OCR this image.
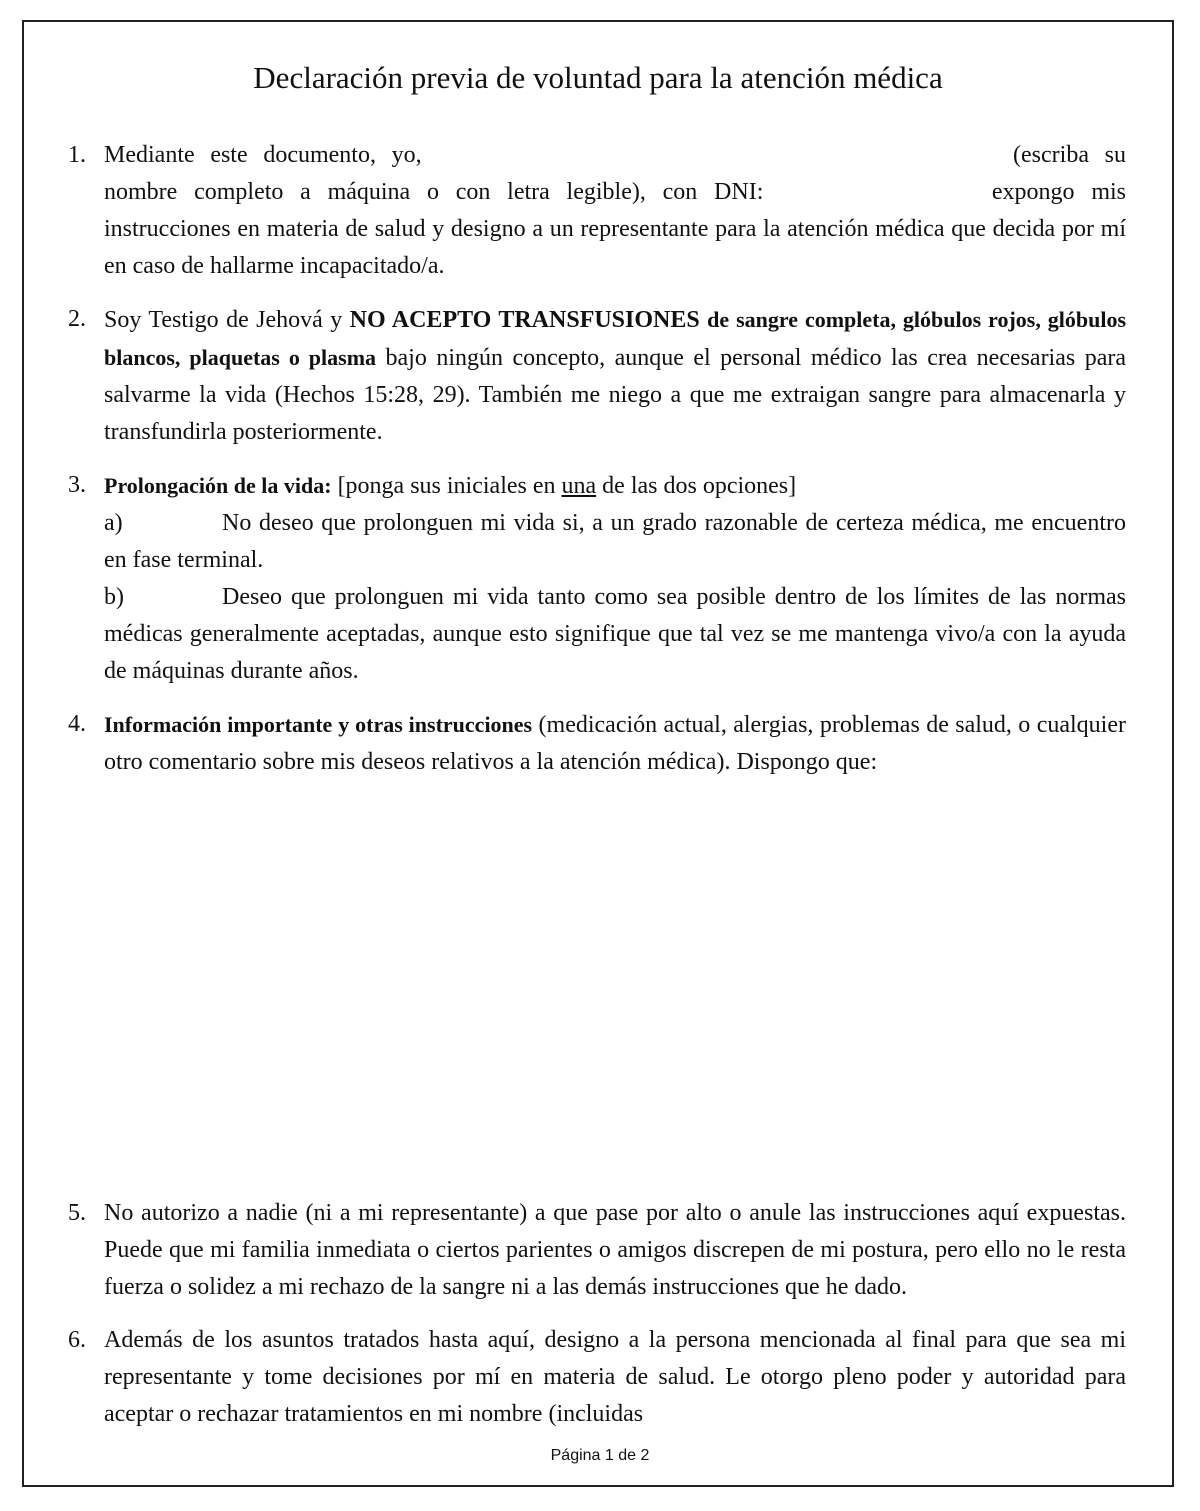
Declaración previa de voluntad para la atención médica
1. Mediante este documento, yo,	(escriba su nombre completo a máquina o con letra legible), con DNI:	expongo mis instrucciones en materia de salud y designo a un representante para la atención médica que decida por mí en caso de hallarme incapacitado/a.
2. Soy Testigo de Jehová y NO ACEPTO TRANSFUSIONES de sangre completa, glóbulos rojos, glóbulos blancos, plaquetas o plasma bajo ningún concepto, aunque el personal médico las crea necesarias para salvarme la vida (Hechos 15:28, 29). También me niego a que me extraigan sangre para almacenarla y transfundirla posteriormente.
3. Prolongación de la vida: [ponga sus iniciales en una de las dos opciones]
a)	No deseo que prolonguen mi vida si, a un grado razonable de certeza médica, me encuentro en fase terminal.
b)	Deseo que prolonguen mi vida tanto como sea posible dentro de los límites de las normas médicas generalmente aceptadas, aunque esto signifique que tal vez se me mantenga vivo/a con la ayuda de máquinas durante años.
4. Información importante y otras instrucciones (medicación actual, alergias, problemas de salud, o cualquier otro comentario sobre mis deseos relativos a la atención médica). Dispongo que:
5. No autorizo a nadie (ni a mi representante) a que pase por alto o anule las instrucciones aquí expuestas. Puede que mi familia inmediata o ciertos parientes o amigos discrepen de mi postura, pero ello no le resta fuerza o solidez a mi rechazo de la sangre ni a las demás instrucciones que he dado.
6. Además de los asuntos tratados hasta aquí, designo a la persona mencionada al final para que sea mi representante y tome decisiones por mí en materia de salud. Le otorgo pleno poder y autoridad para aceptar o rechazar tratamientos en mi nombre (incluidas
Página 1 de 2
